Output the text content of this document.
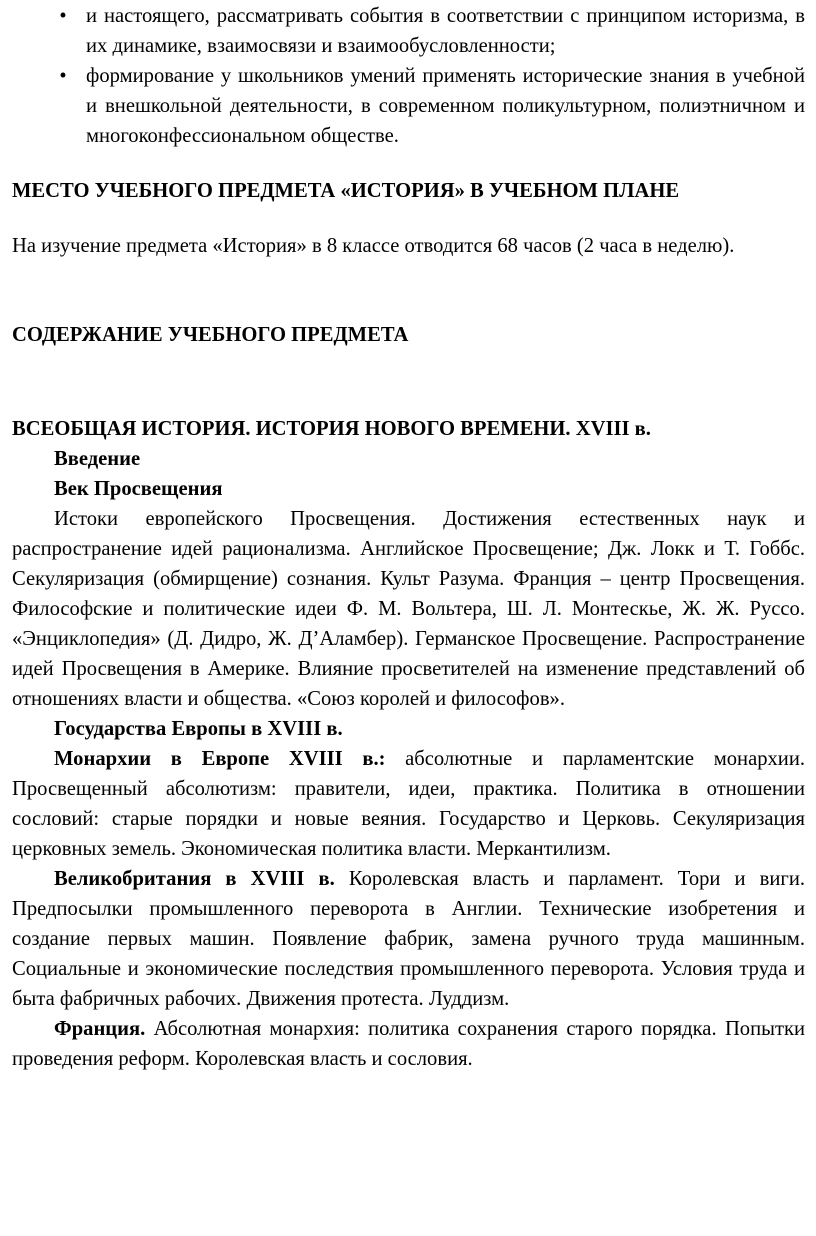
• и настоящего, рассматривать события в соответствии с принципом историзма, в их динамике, взаимосвязи и взаимообусловленности;
• формирование у школьников умений применять исторические знания в учебной и внешкольной деятельности, в современном поликультурном, полиэтничном и многоконфессиональном обществе.

МЕСТО УЧЕБНОГО ПРЕДМЕТА «ИСТОРИЯ» В УЧЕБНОМ ПЛАНЕ

На изучение предмета «История» в 8 классе отводится 68 часов (2 часа в неделю).

СОДЕРЖАНИЕ УЧЕБНОГО ПРЕДМЕТА

ВСЕОБЩАЯ ИСТОРИЯ. ИСТОРИЯ НОВОГО ВРЕМЕНИ. XVIII в.

Введение

Век Просвещения

Истоки европейского Просвещения. Достижения естественных наук и распространение идей рационализма. Английское Просвещение; Дж. Локк и Т. Гоббс. Секуляризация (обмирщение) сознания. Культ Разума. Франция – центр Просвещения. Философские и политические идеи Ф. М. Вольтера, Ш. Л. Монтескье, Ж. Ж. Руссо. «Энциклопедия» (Д. Дидро, Ж. Д’Аламбер). Германское Просвещение. Распространение идей Просвещения в Америке. Влияние просветителей на изменение представлений об отношениях власти и общества. «Союз королей и философов».

Государства Европы в XVIII в.

Монархии в Европе XVIII в.: абсолютные и парламентские монархии. Просвещенный абсолютизм: правители, идеи, практика. Политика в отношении сословий: старые порядки и новые веяния. Государство и Церковь. Секуляризация церковных земель. Экономическая политика власти. Меркантилизм.

Великобритания в XVIII в. Королевская власть и парламент. Тори и виги. Предпосылки промышленного переворота в Англии. Технические изобретения и создание первых машин. Появление фабрик, замена ручного труда машинным. Социальные и экономические последствия промышленного переворота. Условия труда и быта фабричных рабочих. Движения протеста. Луддизм.

Франция. Абсолютная монархия: политика сохранения старого порядка. Попытки проведения реформ. Королевская власть и сословия.
